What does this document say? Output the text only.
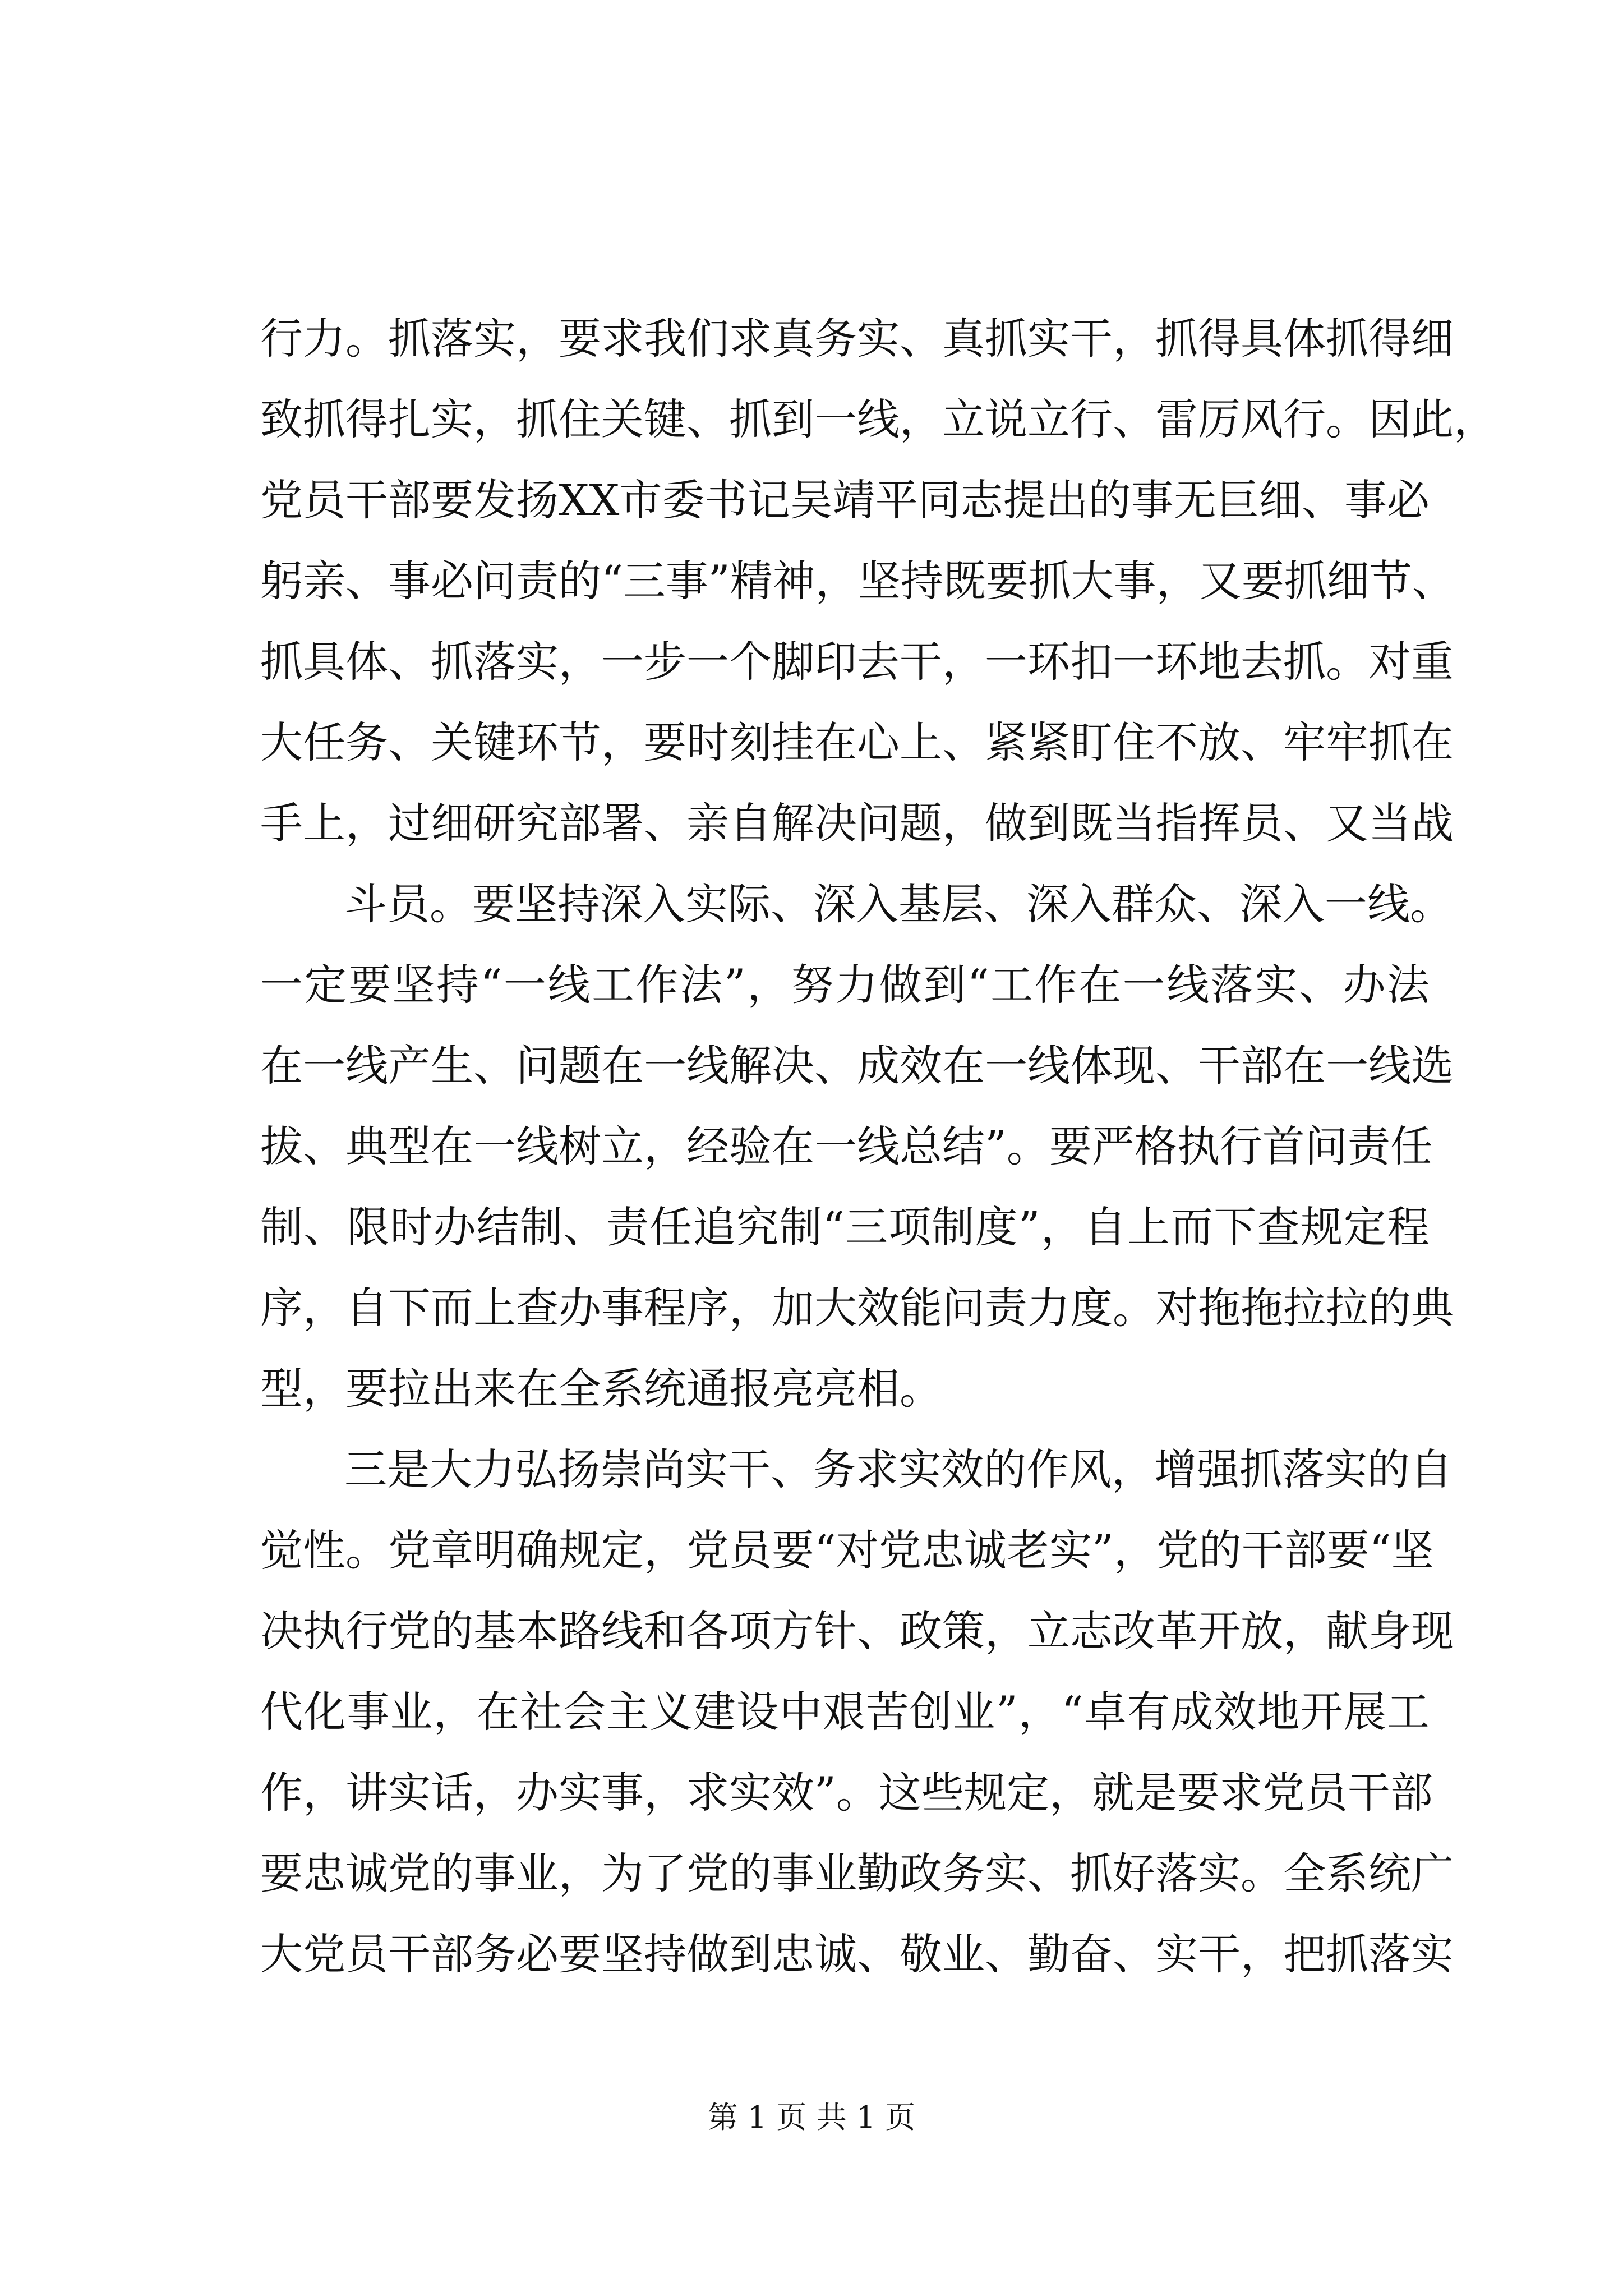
行力。抓落实，要求我们求真务实、真抓实干，抓得具体抓得细
致抓得扎实，抓住关键、抓到一线，立说立行、雷厉风行。因此，
党员干部要发扬XX市委书记吴靖平同志提出的事无巨细、事必
躬亲、事必问责的“三事”精神，坚持既要抓大事，又要抓细节、
抓具体、抓落实，一步一个脚印去干，一环扣一环地去抓。对重
大任务、关键环节，要时刻挂在心上、紧紧盯住不放、牢牢抓在
手上，过细研究部署、亲自解决问题，做到既当指挥员、又当战
斗员。要坚持深入实际、深入基层、深入群众、深入一线。
一定要坚持“一线工作法”，努力做到“工作在一线落实、办法
在一线产生、问题在一线解决、成效在一线体现、干部在一线选
拔、典型在一线树立，经验在一线总结”。要严格执行首问责任
制、限时办结制、责任追究制“三项制度”，自上而下查规定程
序，自下而上查办事程序，加大效能问责力度。对拖拖拉拉的典
型，要拉出来在全系统通报亮亮相。
三是大力弘扬崇尚实干、务求实效的作风，增强抓落实的自
觉性。党章明确规定，党员要“对党忠诚老实”，党的干部要“坚
决执行党的基本路线和各项方针、政策，立志改革开放，献身现
代化事业，在社会主义建设中艰苦创业”，“卓有成效地开展工
作，讲实话，办实事，求实效”。这些规定，就是要求党员干部
要忠诚党的事业，为了党的事业勤政务实、抓好落实。全系统广
大党员干部务必要坚持做到忠诚、敬业、勤奋、实干，把抓落实
第 1 页 共 1 页
